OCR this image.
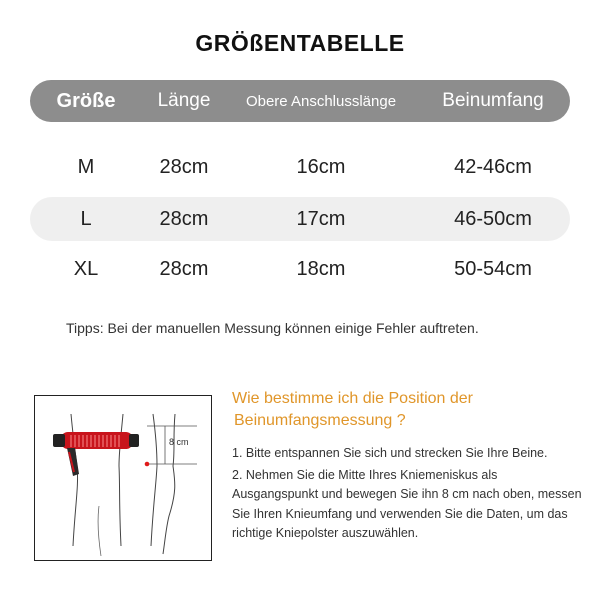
GRÖßENTABELLE
Größe	Länge	Obere Anschlusslänge	Beinumfang
M	28cm	16cm	42-46cm
L	28cm	17cm	46-50cm
XL	28cm	18cm	50-54cm
Tipps: Bei der manuellen Messung können einige Fehler auftreten.
8 cm
Wie bestimme ich die Position der
Beinumfangsmessung ?

1. Bitte entspannen Sie sich und strecken Sie Ihre Beine.

2. Nehmen Sie die Mitte Ihres Kniemeniskus als Ausgangspunkt und bewegen Sie ihn 8 cm nach oben, messen Sie Ihren Knieumfang und verwenden Sie die Daten, um das richtige Kniepolster auszuwählen.
